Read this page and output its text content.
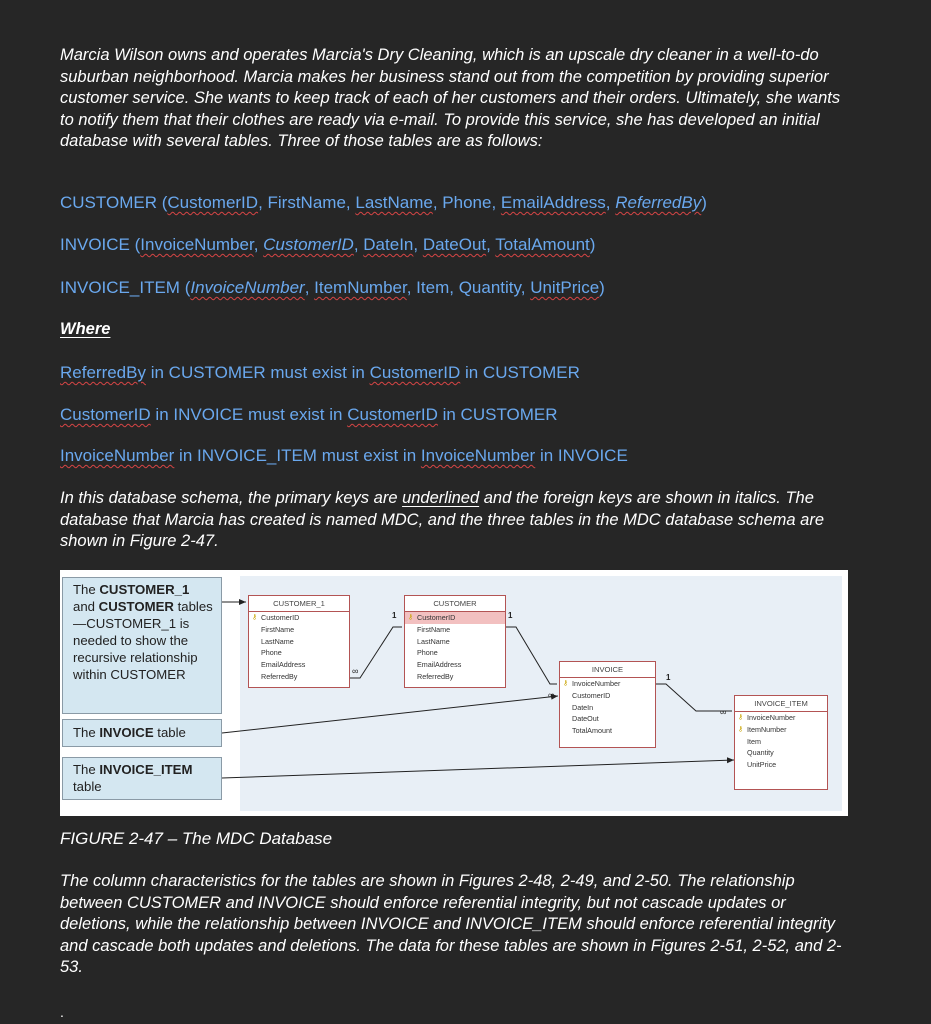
Marcia Wilson owns and operates Marcia's Dry Cleaning, which is an upscale dry cleaner in a well-to-do suburban neighborhood. Marcia makes her business stand out from the competition by providing superior customer service. She wants to keep track of each of her customers and their orders. Ultimately, she wants to notify them that their clothes are ready via e-mail. To provide this service, she has developed an initial database with several tables. Three of those tables are as follows:

CUSTOMER (CustomerID, FirstName, LastName, Phone, EmailAddress, ReferredBy)

INVOICE (InvoiceNumber, CustomerID, DateIn, DateOut, TotalAmount)

INVOICE_ITEM (InvoiceNumber, ItemNumber, Item, Quantity, UnitPrice)

Where

ReferredBy in CUSTOMER must exist in CustomerID in CUSTOMER

CustomerID in INVOICE must exist in CustomerID in CUSTOMER

InvoiceNumber in INVOICE_ITEM must exist in InvoiceNumber in INVOICE

In this database schema, the primary keys are underlined and the foreign keys are shown in italics. The database that Marcia has created is named MDC, and the three tables in the MDC database schema are shown in Figure 2-47.

The CUSTOMER_1 and CUSTOMER tables—CUSTOMER_1 is needed to show the recursive relationship within CUSTOMER
The INVOICE table
The INVOICE_ITEM table
∞
1	1
∞
1
∞
CUSTOMER_1
⚷ CustomerID
FirstName
LastName
Phone
EmailAddress
ReferredBy
CUSTOMER
⚷ CustomerID
FirstName
LastName
Phone
EmailAddress
ReferredBy
INVOICE
⚷ InvoiceNumber
CustomerID
DateIn
DateOut
TotalAmount
INVOICE_ITEM
⚷ InvoiceNumber
⚷ ItemNumber
Item
Quantity
UnitPrice

FIGURE 2-47 – The MDC Database

The column characteristics for the tables are shown in Figures 2-48, 2-49, and 2-50. The relationship between CUSTOMER and INVOICE should enforce referential integrity, but not cascade updates or deletions, while the relationship between INVOICE and INVOICE_ITEM should enforce referential integrity and cascade both updates and deletions. The data for these tables are shown in Figures 2-51, 2-52, and 2-53.

.
